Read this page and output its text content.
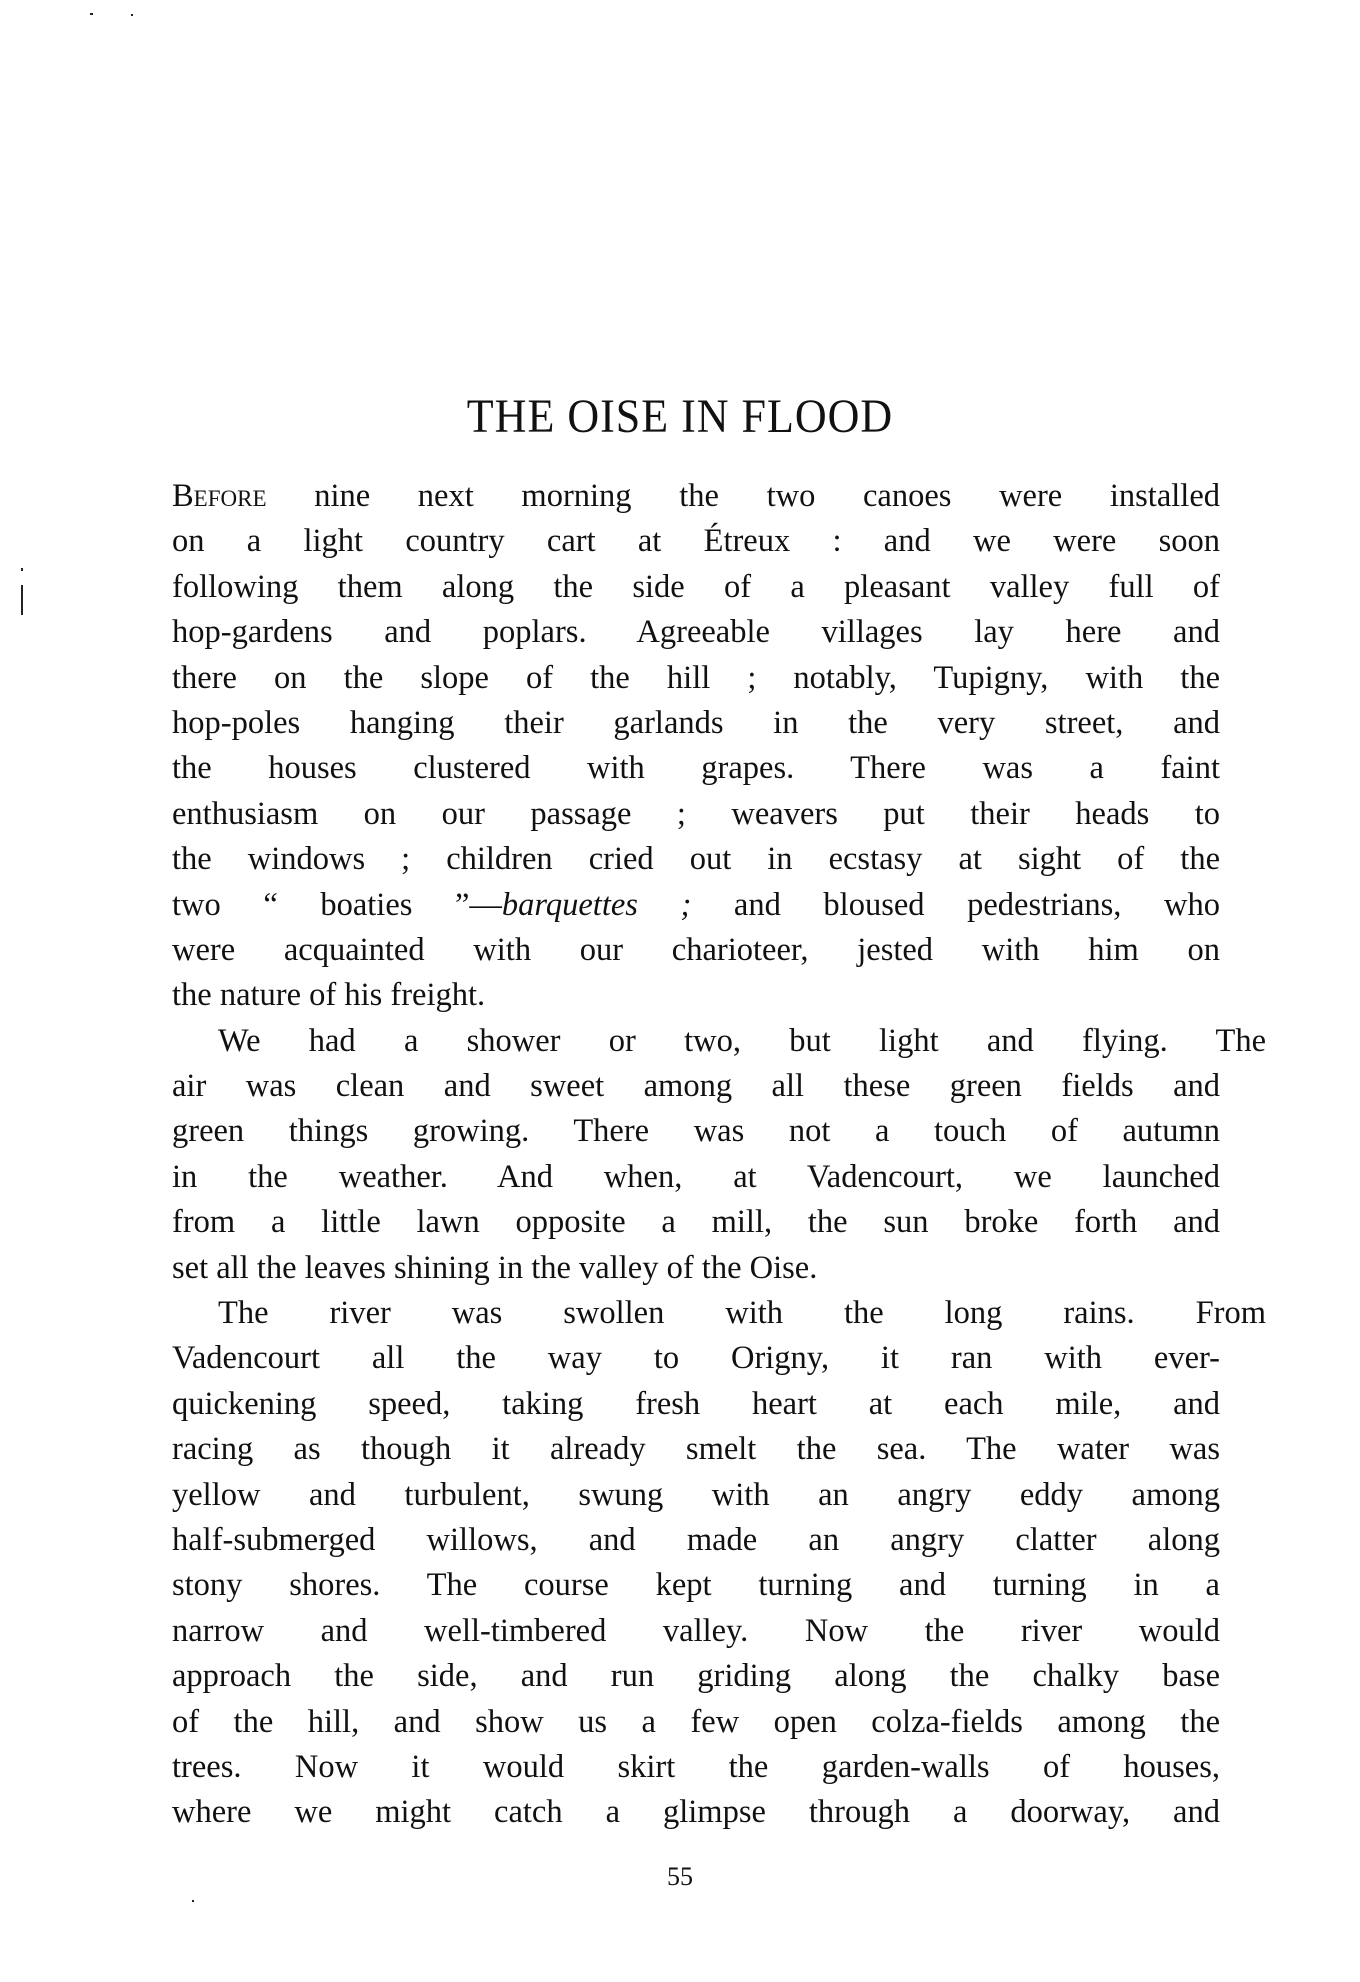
THE OISE IN FLOOD
Before nine next morning the two canoes were installed
on a light country cart at Étreux : and we were soon
following them along the side of a pleasant valley full of
hop-gardens and poplars. Agreeable villages lay here and
there on the slope of the hill ; notably, Tupigny, with the
hop-poles hanging their garlands in the very street, and
the houses clustered with grapes. There was a faint
enthusiasm on our passage ; weavers put their heads to
the windows ; children cried out in ecstasy at sight of the
two “ boaties ”—barquettes ; and bloused pedestrians, who
were acquainted with our charioteer, jested with him on
the nature of his freight.
We had a shower or two, but light and flying. The
air was clean and sweet among all these green fields and
green things growing. There was not a touch of autumn
in the weather. And when, at Vadencourt, we launched
from a little lawn opposite a mill, the sun broke forth and
set all the leaves shining in the valley of the Oise.
The river was swollen with the long rains. From
Vadencourt all the way to Origny, it ran with ever-
quickening speed, taking fresh heart at each mile, and
racing as though it already smelt the sea. The water was
yellow and turbulent, swung with an angry eddy among
half-submerged willows, and made an angry clatter along
stony shores. The course kept turning and turning in a
narrow and well-timbered valley. Now the river would
approach the side, and run griding along the chalky base
of the hill, and show us a few open colza-fields among the
trees. Now it would skirt the garden-walls of houses,
where we might catch a glimpse through a doorway, and
55
